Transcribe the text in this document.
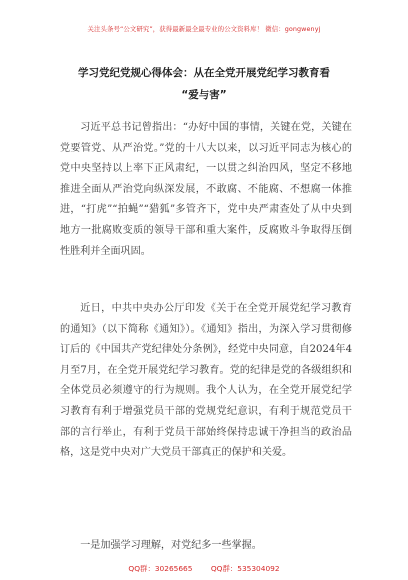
关注头条号“公文研究”，获得最新最全最专业的公文资料库！ 微信：gongwenyj
学习党纪党规心得体会：从在全党开展党纪学习教育看
“爱与害”

习近平总书记曾指出：“办好中国的事情，关键在党，关键在党要管党、从严治党。”党的十八大以来，以习近平同志为核心的党中央坚持以上率下正风肃纪，一以贯之纠治四风，坚定不移地推进全面从严治党向纵深发展，不敢腐、不能腐、不想腐一体推进，“打虎”“拍蝇”“猎狐”多管齐下，党中央严肃查处了从中央到地方一批腐败变质的领导干部和重大案件，反腐败斗争取得压倒性胜利并全面巩固。

近日，中共中央办公厅印发《关于在全党开展党纪学习教育的通知》（以下简称《通知》）。《通知》指出，为深入学习贯彻修订后的《中国共产党纪律处分条例》，经党中央同意，自2024年4月至7月，在全党开展党纪学习教育。党的纪律是党的各级组织和全体党员必须遵守的行为规则。我个人认为，在全党开展党纪学习教育有利于增强党员干部的党规党纪意识，有利于规范党员干部的言行举止，有利于党员干部始终保持忠诚干净担当的政治品格，这是党中央对广大党员干部真正的保护和关爱。

一是加强学习理解，对党纪多一些掌握。

QQ群：30265665 QQ群：535304092
